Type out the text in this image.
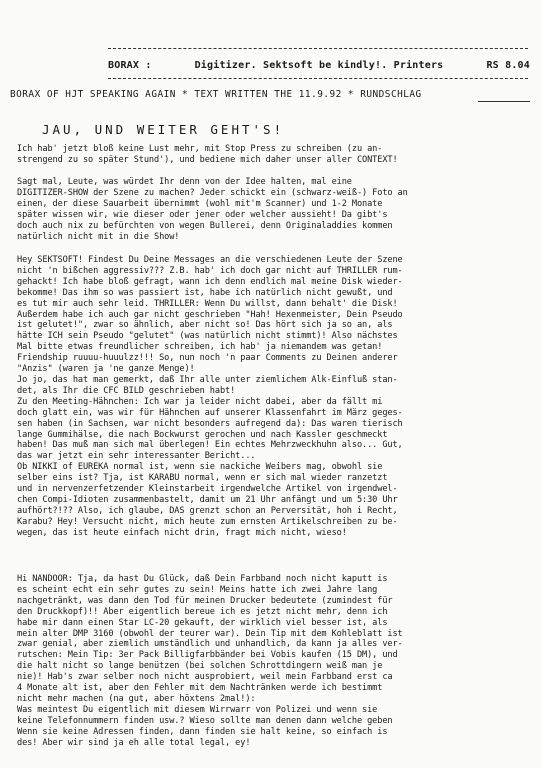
BORAX :	Digitizer. Sektsoft be kindly!. Printers	RS 8.04
BORAX OF HJT SPEAKING AGAIN * TEXT WRITTEN THE 11.9.92 * RUNDSCHLAG
JAU, UND WEITER GEHT'S!
Ich hab' jetzt bloß keine Lust mehr, mit Stop Press zu schreiben (zu an-
strengend zu so später Stund'), und bediene mich daher unser aller CONTEXT!
Sagt mal, Leute, was würdet Ihr denn von der Idee halten, mal eine
DIGITIZER-SHOW der Szene zu machen? Jeder schickt ein (schwarz-weiß-) Foto an
einen, der diese Sauarbeit übernimmt (wohl mit'm Scanner) und 1-2 Monate
später wissen wir, wie dieser oder jener oder welcher aussieht! Da gibt's
doch auch nix zu befürchten von wegen Bullerei, denn Originaladdies kommen
natürlich nicht mit in die Show!
Hey SEKTSOFT! Findest Du Deine Messages an die verschiedenen Leute der Szene
nicht 'n bißchen aggressiv??? Z.B. hab' ich doch gar nicht auf THRILLER rum-
gehackt! Ich habe bloß gefragt, wann ich denn endlich mal meine Disk wieder-
bekomme! Das ihm so was passiert ist, habe ich natürlich nicht gewußt, und
es tut mir auch sehr leid. THRILLER: Wenn Du willst, dann behalt' die Disk!
Außerdem habe ich auch gar nicht geschrieben "Hah! Hexenmeister, Dein Pseudo
ist gelutet!", zwar so ähnlich, aber nicht so! Das hört sich ja so an, als
hätte ICH sein Pseudo "gelutet" (was natürlich nicht stimmt)! Also nächstes
Mal bitte etwas freundlicher schreiben, ich hab' ja niemandem was getan!
Friendship ruuuu-huuulzz!!! So, nun noch 'n paar Comments zu Deinen anderer
"Anzis" (waren ja 'ne ganze Menge)!
Jo jo, das hat man gemerkt, daß Ihr alle unter ziemlichem Alk-Einfluß stan-
det, als Ihr die CFC BILD geschrieben habt!
Zu den Meeting-Hähnchen: Ich war ja leider nicht dabei, aber da fällt mi
doch glatt ein, was wir für Hähnchen auf unserer Klassenfahrt im März geges-
sen haben (in Sachsen, war nicht besonders aufregend da): Das waren tierisch
lange Gummihälse, die nach Bockwurst gerochen und nach Kassler geschmeckt
haben! Das muß man sich mal überlegen! Ein echtes Mehrzweckhuhn also... Gut,
das war jetzt ein sehr interessanter Bericht...
Ob NIKKI of EUREKA normal ist, wenn sie nackiche Weibers mag, obwohl sie
selber eins ist? Tja, ist KARABU normal, wenn er sich mal wieder ranzetzt
und in nervenzerfetzender Kleinstarbeit irgendwelche Artikel von irgendwel-
chen Compi-Idioten zusammenbastelt, damit um 21 Uhr anfängt und um 5:30 Uhr
aufhört?!?? Also, ich glaube, DAS grenzt schon an Perversität, hoh i Recht,
Karabu? Hey! Versucht nicht, mich heute zum ernsten Artikelschreiben zu be-
wegen, das ist heute einfach nicht drin, fragt mich nicht, wieso!
Hi NANDOOR: Tja, da hast Du Glück, daß Dein Farbband noch nicht kaputt is
es scheint echt ein sehr gutes zu sein! Meins hatte ich zwei Jahre lang
nachgetränkt, was dann den Tod für meinen Drucker bedeutete (zumindest für
den Druckkopf)!! Aber eigentlich bereue ich es jetzt nicht mehr, denn ich
habe mir dann einen Star LC-20 gekauft, der wirklich viel besser ist, als
mein alter DMP 3160 (obwohl der teurer war). Dein Tip mit dem Kohleblatt ist
zwar genial, aber ziemlich umständlich und unhandlich, da kann ja alles ver-
rutschen: Mein Tip: 3er Pack Billigfarbbänder bei Vobis kaufen (15 DM), und
die halt nicht so lange benützen (bei solchen Schrottdingern weiß man je
nie)! Hab's zwar selber noch nicht ausprobiert, weil mein Farbband erst ca
4 Monate alt ist, aber den Fehler mit dem Nachtränken werde ich bestimmt
nicht mehr machen (na gut, aber höxtens 2mal!):
Was meintest Du eigentlich mit diesem Wirrwarr von Polizei und wenn sie
keine Telefonnummern finden usw.? Wieso sollte man denen dann welche geben
Wenn sie keine Adressen finden, dann finden sie halt keine, so einfach is
des! Aber wir sind ja eh alle total legal, ey!
